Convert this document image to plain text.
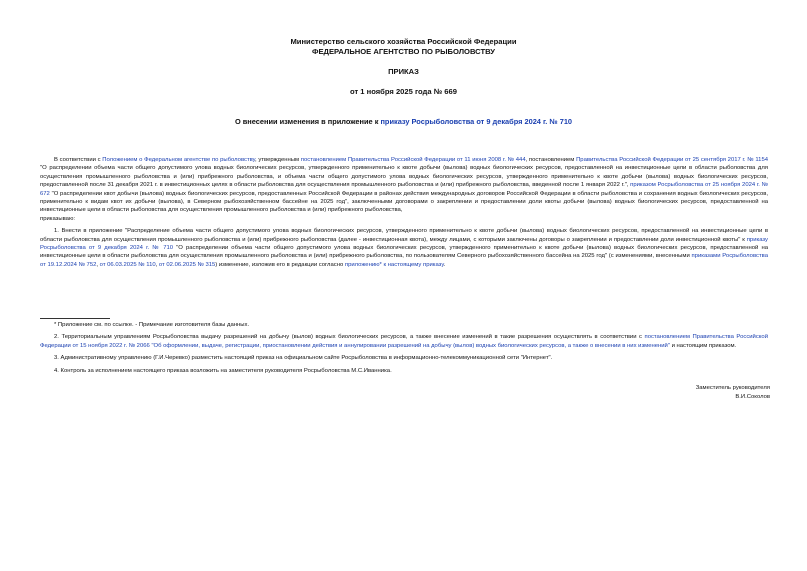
Министерство сельского хозяйства Российской Федерации
ФЕДЕРАЛЬНОЕ АГЕНТСТВО ПО РЫБОЛОВСТВУ
ПРИКАЗ
от 1 ноября 2025 года № 669
О внесении изменения в приложение к приказу Росрыболовства от 9 декабря 2024 г. № 710

В соответствии с Положением о Федеральном агентстве по рыболовству, утвержденным постановлением Правительства Российской Федерации от 11 июня 2008 г. № 444, постановлением Правительства Российской Федерации от 25 сентября 2017 г. № 1154 "О распределении объема части общего допустимого улова водных биологических ресурсов, утвержденного применительно к квоте добычи (вылова) водных биологических ресурсов, предоставленной на инвестиционные цели в области рыболовства для осуществления промышленного рыболовства и (или) прибрежного рыболовства, и объема части общего допустимого улова водных биологических ресурсов, утвержденного применительно к квоте добычи (вылова) водных биологических ресурсов, предоставленной после 31 декабря 2021 г. в инвестиционных целях в области рыболовства для осуществления промышленного рыболовства и (или) прибрежного рыболовства, введенной после 1 января 2022 г.", приказом Росрыболовства от 25 ноября 2024 г. № 672 "О распределении квот добычи (вылова) водных биологических ресурсов, предоставленных Российской Федерации в районах действия международных договоров Российской Федерации в области рыболовства и сохранения водных биологических ресурсов, применительно к видам квот их добычи (вылова), в Северном рыбохозяйственном бассейне на 2025 год", заключенными договорами о закреплении и предоставлении доли квоты добычи (вылова) водных биологических ресурсов, предоставленной на инвестиционные цели в области рыболовства для осуществления промышленного рыболовства и (или) прибрежного рыболовства,

приказываю:

1. Внести в приложение "Распределение объема части общего допустимого улова водных биологических ресурсов, утвержденного применительно к квоте добычи (вылова) водных биологических ресурсов, предоставленной на инвестиционные цели в области рыболовства для осуществления промышленного рыболовства и (или) прибрежного рыболовства (далее - инвестиционная квота), между лицами, с которыми заключены договоры о закреплении и предоставлении доли инвестиционной квоты" к приказу Росрыболовства от 9 декабря 2024 г. № 710 "О распределении объема части общего допустимого улова водных биологических ресурсов, утвержденного применительно к квоте добычи (вылова) водных биологических ресурсов, предоставленной на инвестиционные цели в области рыболовства для осуществления промышленного рыболовства и (или) прибрежного рыболовства, по пользователям Северного рыбохозяйственного бассейна на 2025 год" (с изменениями, внесенными приказами Росрыболовства от 19.12.2024 № 752, от 06.03.2025 № 110, от 02.06.2025 № 315) изменение, изложив его в редакции согласно приложению* к настоящему приказу.

* Приложение см. по ссылке. - Примечание изготовителя базы данных.

2. Территориальным управлениям Росрыболовства выдачу разрешений на добычу (вылов) водных биологических ресурсов, а также внесение изменений в такие разрешения осуществлять в соответствии с постановлением Правительства Российской Федерации от 15 ноября 2022 г. № 2066 "Об оформлении, выдаче, регистрации, приостановлении действия и аннулировании разрешений на добычу (вылов) водных биологических ресурсов, а также о внесении в них изменений" и настоящим приказом.

3. Административному управлению (Г.И.Черевко) разместить настоящий приказ на официальном сайте Росрыболовства в информационно-телекоммуникационной сети "Интернет".

4. Контроль за исполнением настоящего приказа возложить на заместителя руководителя Росрыболовства М.С.Иванника.

Заместитель руководителя
В.И.Соколов
